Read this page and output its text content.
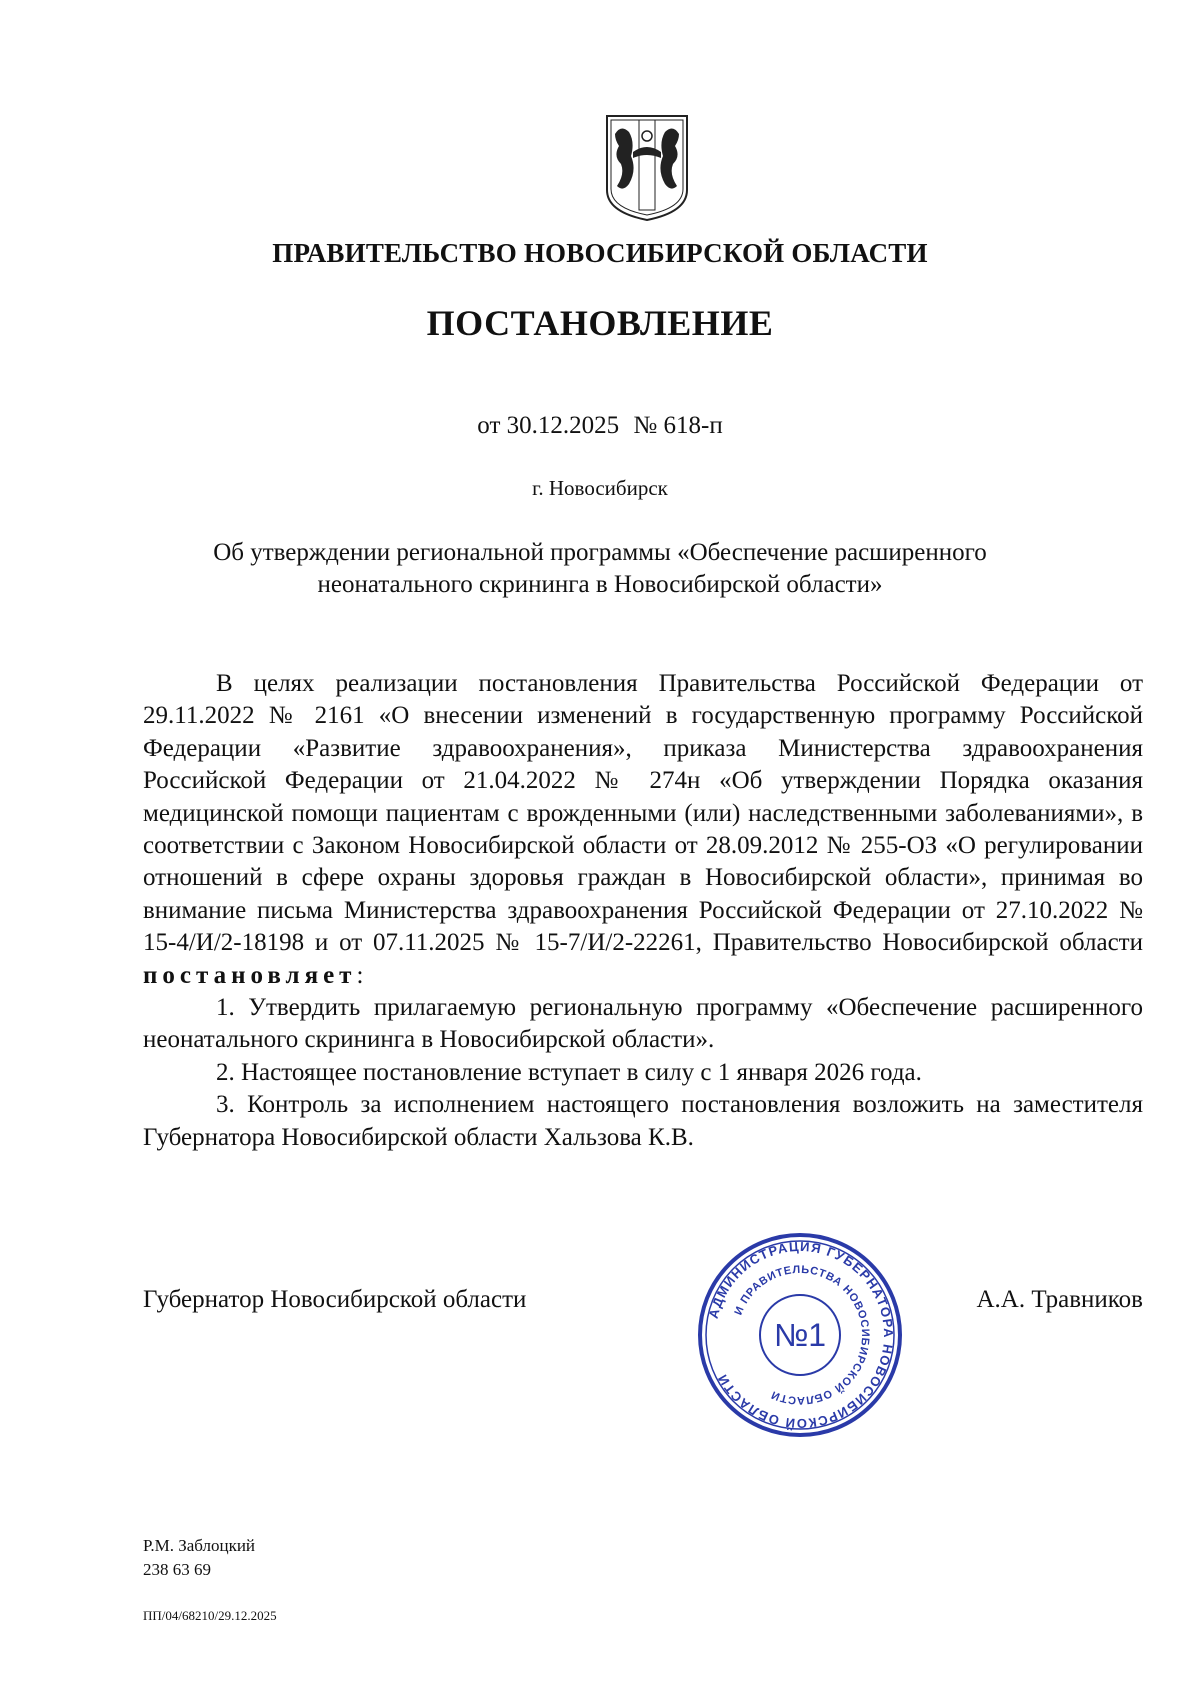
ПРАВИТЕЛЬСТВО НОВОСИБИРСКОЙ ОБЛАСТИ
ПОСТАНОВЛЕНИЕ
от 30.12.2025 № 618-п
г. Новосибирск
Об утверждении региональной программы «Обеспечение расширенного неонатального скрининга в Новосибирской области»

В целях реализации постановления Правительства Российской Федерации от 29.11.2022 № 2161 «О внесении изменений в государственную программу Российской Федерации «Развитие здравоохранения», приказа Министерства здравоохранения Российской Федерации от 21.04.2022 № 274н «Об утверждении Порядка оказания медицинской помощи пациентам с врожденными (или) наследственными заболеваниями», в соответствии с Законом Новосибирской области от 28.09.2012 № 255-ОЗ «О регулировании отношений в сфере охраны здоровья граждан в Новосибирской области», принимая во внимание письма Министерства здравоохранения Российской Федерации от 27.10.2022 № 15-4/И/2-18198 и от 07.11.2025 № 15-7/И/2-22261, Правительство Новосибирской области постановляет:

1. Утвердить прилагаемую региональную программу «Обеспечение расширенного неонатального скрининга в Новосибирской области».

2. Настоящее постановление вступает в силу с 1 января 2026 года.

3. Контроль за исполнением настоящего постановления возложить на заместителя Губернатора Новосибирской области Хальзова К.В.

Губернатор Новосибирской области	А.А. Травников
АДМИНИСТРАЦИЯ ГУБЕРНАТОРА НОВОСИБИРСКОЙ ОБЛАСТИ
И ПРАВИТЕЛЬСТВА НОВОСИБИРСКОЙ ОБЛАСТИ
№1
Р.М. Заблоцкий
238 63 69
ПП/04/68210/29.12.2025
